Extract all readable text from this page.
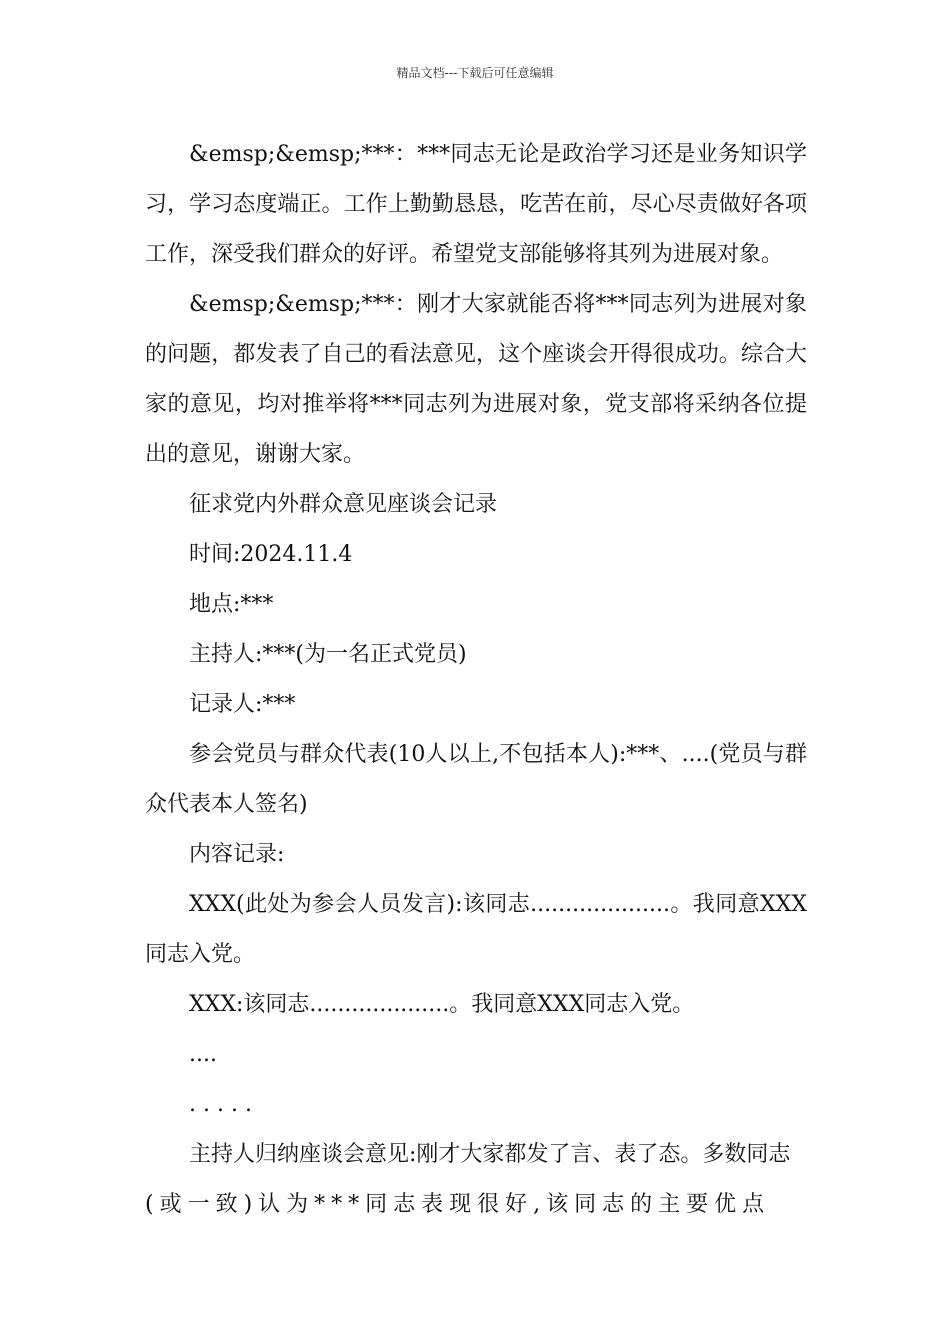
精品文档---下载后可任意编辑

&emsp;&emsp;***：***同志无论是政治学习还是业务知识学习，学习态度端正。工作上勤勤恳恳，吃苦在前，尽心尽责做好各项工作，深受我们群众的好评。希望党支部能够将其列为进展对象。

&emsp;&emsp;***：刚才大家就能否将***同志列为进展对象的问题，都发表了自己的看法意见，这个座谈会开得很成功。综合大家的意见，均对推举将***同志列为进展对象，党支部将采纳各位提出的意见，谢谢大家。

征求党内外群众意见座谈会记录

时间:2024.11.4

地点:***

主持人:***(为一名正式党员)

记录人:***

参会党员与群众代表(10人以上,不包括本人):***、....(党员与群众代表本人签名)

内容记录:

XXX(此处为参会人员发言):该同志....................。我同意XXX同志入党。

XXX:该同志....................。我同意XXX同志入党。

....

. . . . .

主持人归纳座谈会意见:刚才大家都发了言、表了态。多数同志

(或一致)认为***同志表现很好,该同志的主要优点
